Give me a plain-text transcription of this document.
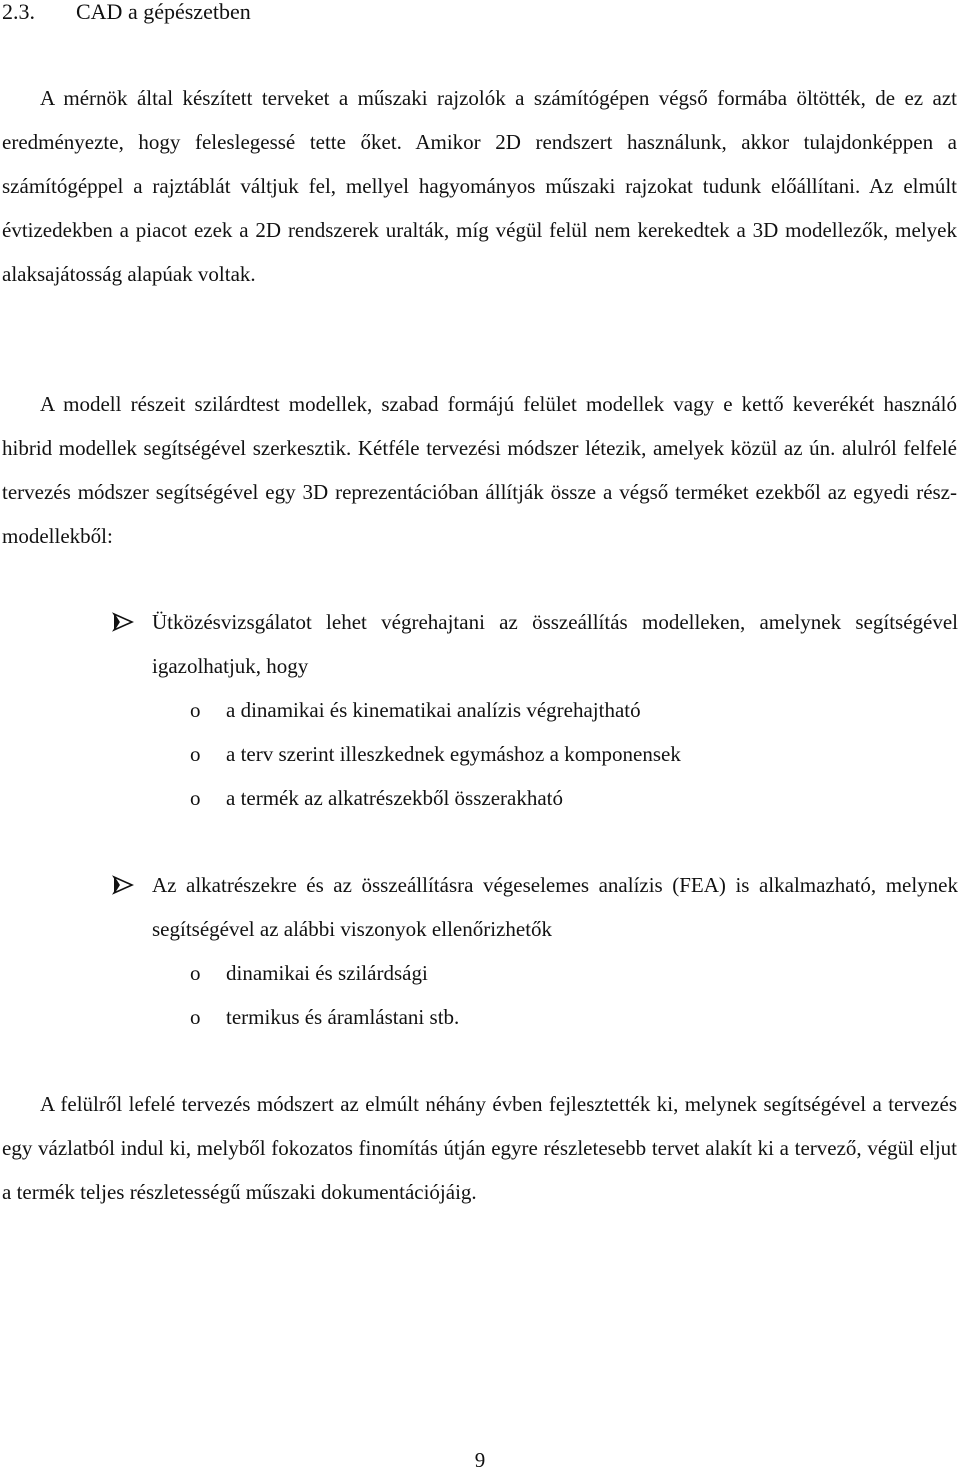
2.3. CAD a gépészetben

A mérnök által készített terveket a műszaki rajzolók a számítógépen végső formába öltötték, de ez azt eredményezte, hogy feleslegessé tette őket. Amikor 2D rendszert használunk, akkor tulajdonképpen a számítógéppel a rajztáblát váltjuk fel, mellyel hagyományos műszaki rajzokat tudunk előállítani. Az elmúlt évtizedekben a piacot ezek a 2D rendszerek uralták, míg végül felül nem kerekedtek a 3D modellezők, melyek alaksajátosság alapúak voltak.

A modell részeit szilárdtest modellek, szabad formájú felület modellek vagy e kettő keverékét használó hibrid modellek segítségével szerkesztik. Kétféle tervezési módszer létezik, amelyek közül az ún. alulról felfelé tervezés módszer segítségével egy 3D reprezentációban állítják össze a végső terméket ezekből az egyedi rész-modellekből:

Ütközésvizsgálatot lehet végrehajtani az összeállítás modelleken, amelynek segítségével igazolhatjuk, hogy
o a dinamikai és kinematikai analízis végrehajtható
o a terv szerint illeszkednek egymáshoz a komponensek
o a termék az alkatrészekből összerakható
Az alkatrészekre és az összeállításra végeselemes analízis (FEA) is alkalmazható, melynek segítségével az alábbi viszonyok ellenőrizhetők
o dinamikai és szilárdsági
o termikus és áramlástani stb.

A felülről lefelé tervezés módszert az elmúlt néhány évben fejlesztették ki, melynek segítségével a tervezés egy vázlatból indul ki, melyből fokozatos finomítás útján egyre részletesebb tervet alakít ki a tervező, végül eljut a termék teljes részletességű műszaki dokumentációjáig.

9
